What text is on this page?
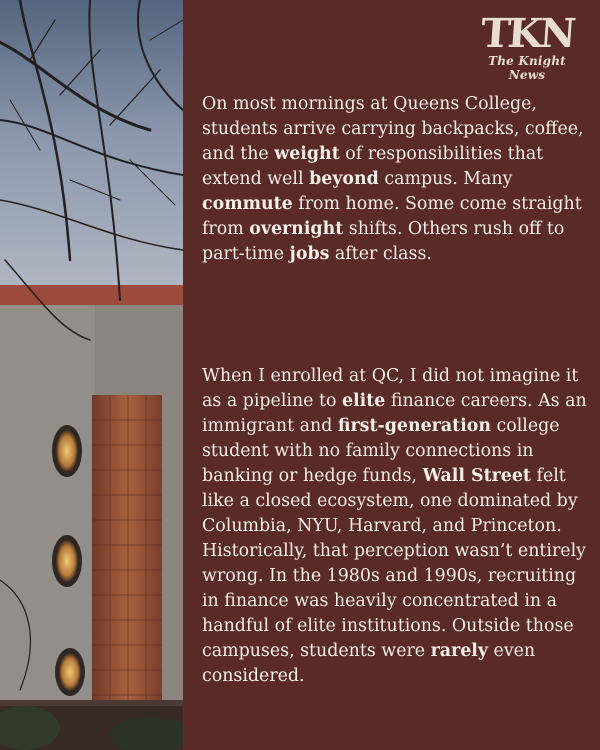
TKN
The Knight News

On most mornings at Queens College, students arrive carrying backpacks, coffee, and the weight of responsibilities that extend well beyond campus. Many commute from home. Some come straight from overnight shifts. Others rush off to part-time jobs after class.

When I enrolled at QC, I did not imagine it as a pipeline to elite finance careers. As an immigrant and first-generation college student with no family connections in banking or hedge funds, Wall Street felt like a closed ecosystem, one dominated by Columbia, NYU, Harvard, and Princeton. Historically, that perception wasn’t entirely wrong. In the 1980s and 1990s, recruiting in finance was heavily concentrated in a handful of elite institutions. Outside those campuses, students were rarely even considered.
